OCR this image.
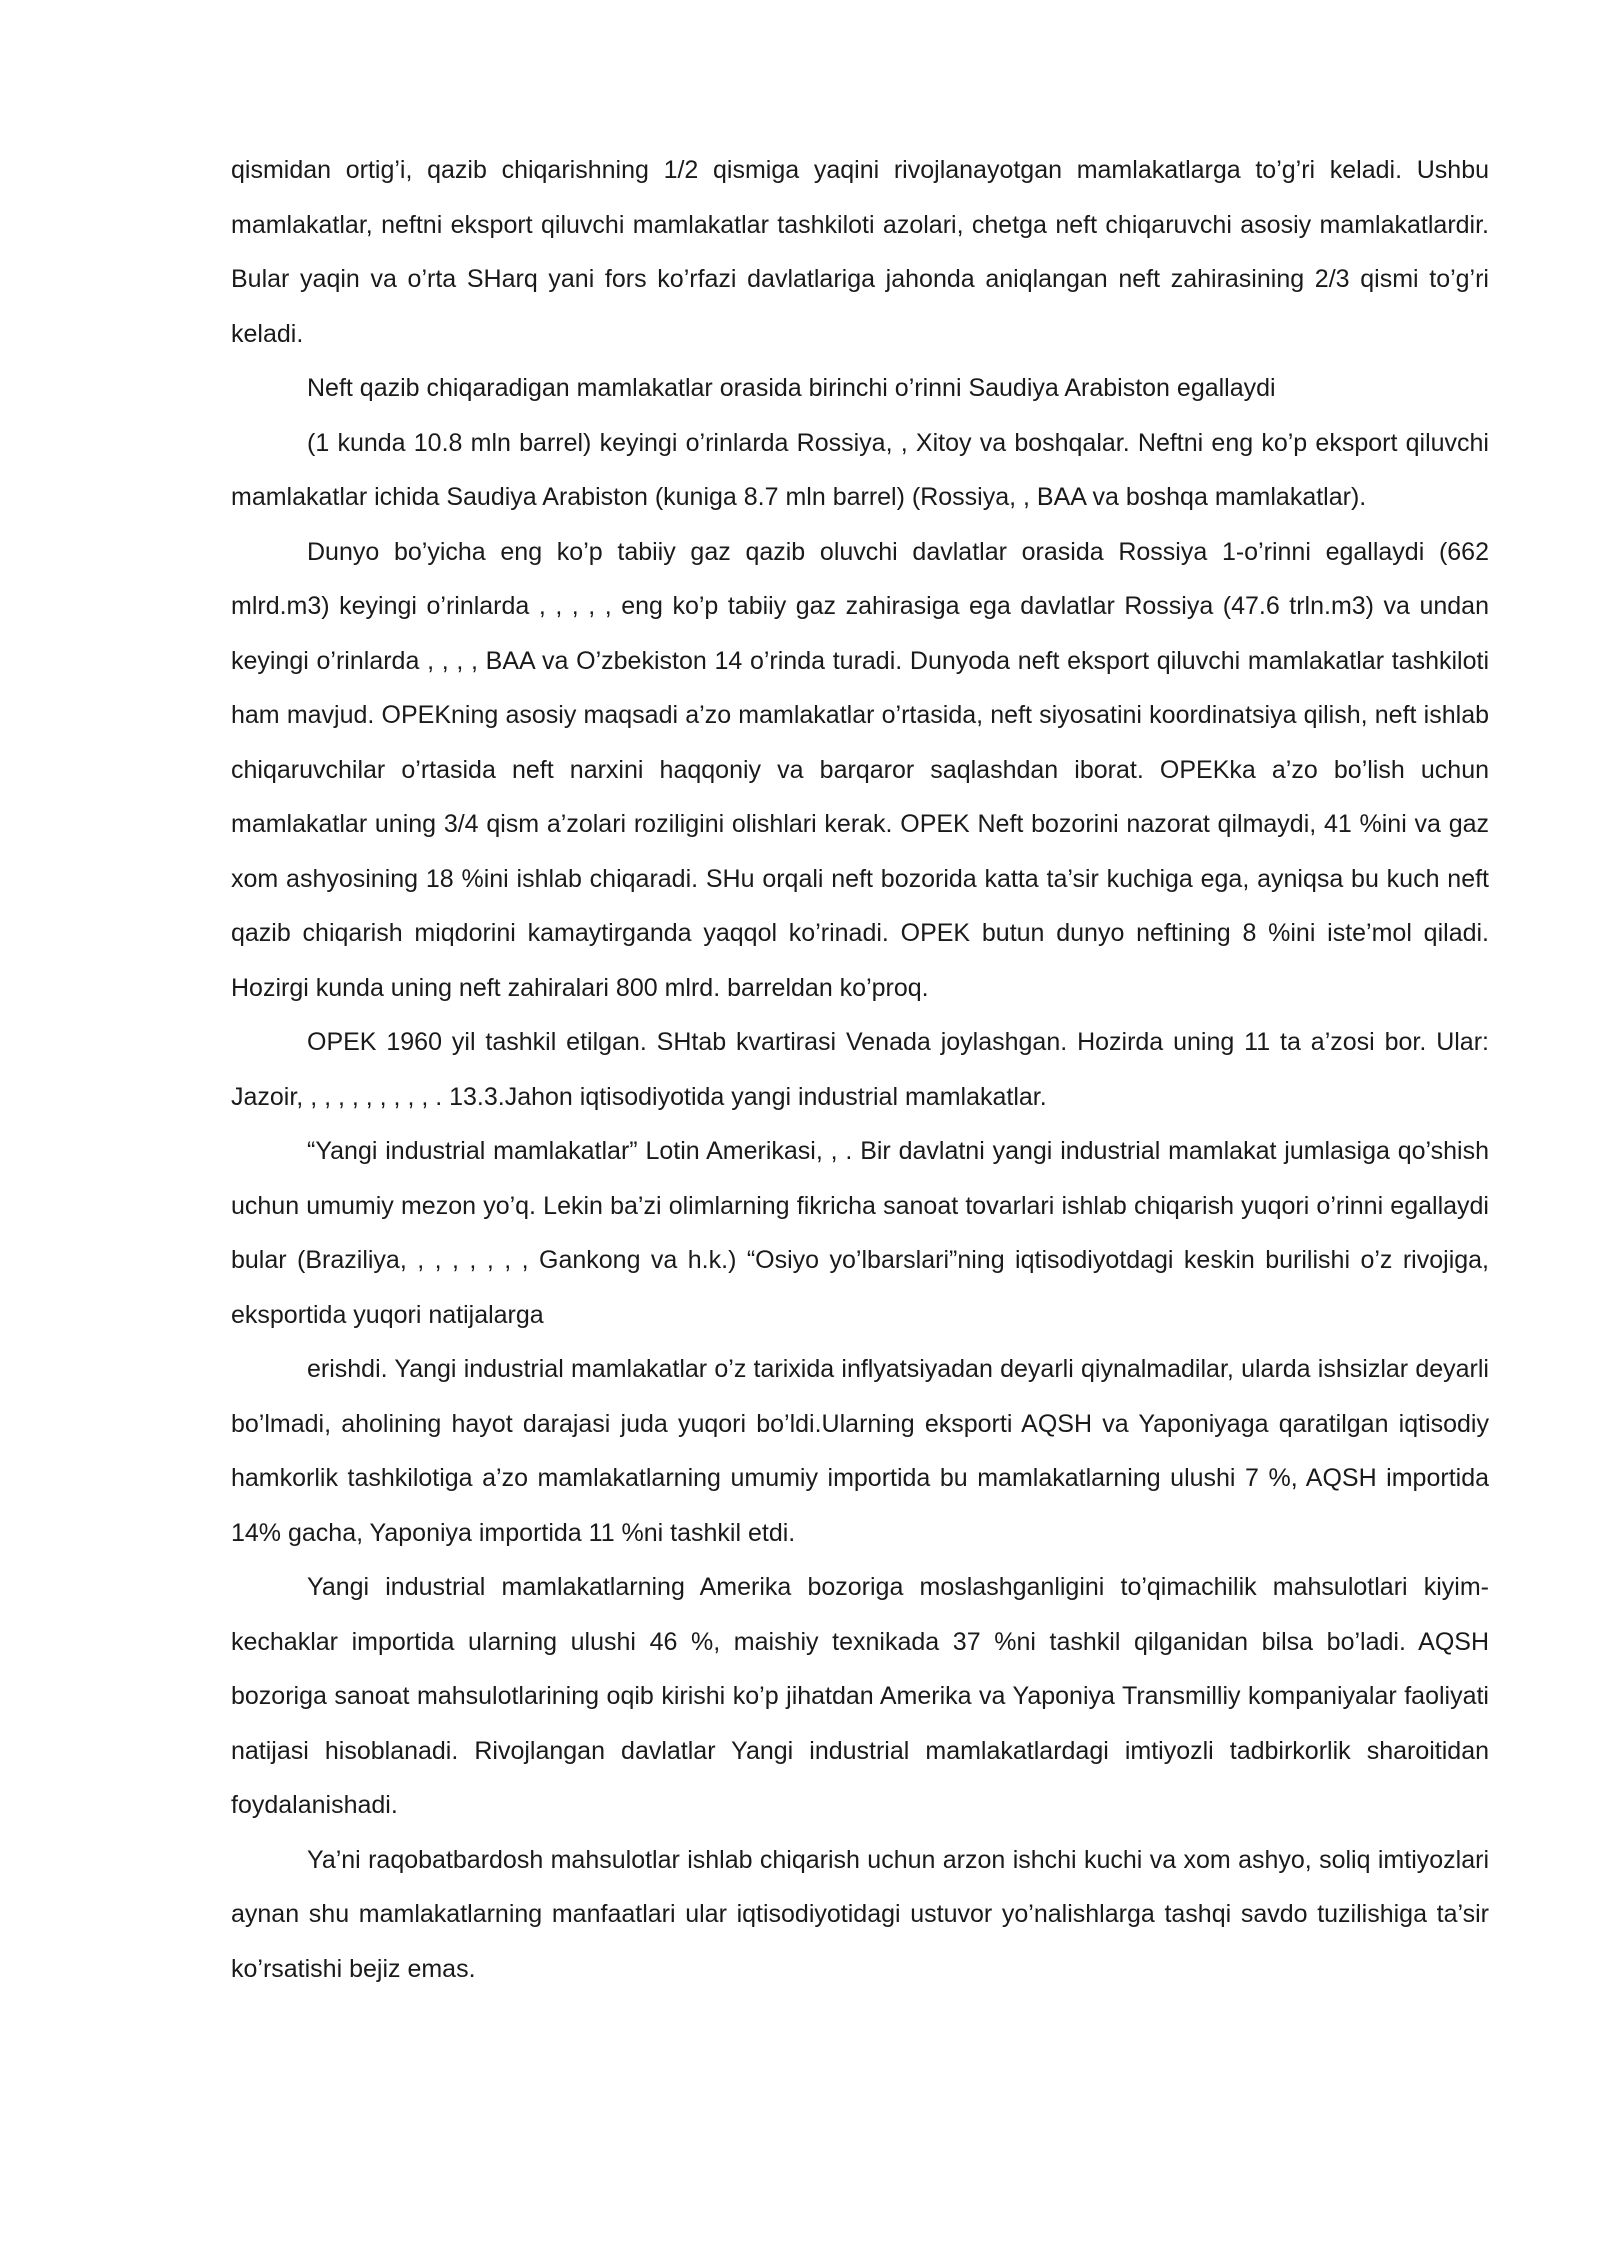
qismidan ortig’i, qazib chiqarishning 1/2 qismiga yaqini rivojlanayotgan mamlakatlarga to’g’ri keladi. Ushbu mamlakatlar, neftni eksport qiluvchi mamlakatlar tashkiloti azolari, chetga neft chiqaruvchi asosiy mamlakatlardir. Bular yaqin va o’rta SHarq yani fors ko’rfazi davlatlariga jahonda aniqlangan neft zahirasining 2/3 qismi to’g’ri keladi.

Neft qazib chiqaradigan mamlakatlar orasida birinchi o’rinni Saudiya Arabiston egallaydi

(1 kunda 10.8 mln barrel) keyingi o’rinlarda Rossiya, , Xitoy va boshqalar. Neftni eng ko’p eksport qiluvchi mamlakatlar ichida Saudiya Arabiston (kuniga 8.7 mln barrel) (Rossiya, , BAA va boshqa mamlakatlar).

Dunyo bo’yicha eng ko’p tabiiy gaz qazib oluvchi davlatlar orasida Rossiya 1-o’rinni egallaydi (662 mlrd.m3) keyingi o’rinlarda , , , , , eng ko’p tabiiy gaz zahirasiga ega davlatlar Rossiya (47.6 trln.m3) va undan keyingi o’rinlarda , , , , BAA va O’zbekiston 14 o’rinda turadi. Dunyoda neft eksport qiluvchi mamlakatlar tashkiloti ham mavjud. OPEKning asosiy maqsadi a’zo mamlakatlar o’rtasida, neft siyosatini koordinatsiya qilish, neft ishlab chiqaruvchilar o’rtasida neft narxini haqqoniy va barqaror saqlashdan iborat. OPEKka a’zo bo’lish uchun mamlakatlar uning 3/4 qism a’zolari roziligini olishlari kerak. OPEK Neft bozorini nazorat qilmaydi, 41 %ini va gaz xom ashyosining 18 %ini ishlab chiqaradi. SHu orqali neft bozorida katta ta’sir kuchiga ega, ayniqsa bu kuch neft qazib chiqarish miqdorini kamaytirganda yaqqol ko’rinadi. OPEK butun dunyo neftining 8 %ini iste’mol qiladi. Hozirgi kunda uning neft zahiralari 800 mlrd. barreldan ko’proq.

OPEK 1960 yil tashkil etilgan. SHtab kvartirasi Venada joylashgan. Hozirda uning 11 ta a’zosi bor. Ular: Jazoir, , , , , , , , , , . 13.3.Jahon iqtisodiyotida yangi industrial mamlakatlar.

“Yangi industrial mamlakatlar” Lotin Amerikasi, , . Bir davlatni yangi industrial mamlakat jumlasiga qo’shish uchun umumiy mezon yo’q. Lekin ba’zi olimlarning fikricha sanoat tovarlari ishlab chiqarish yuqori o’rinni egallaydi bular (Braziliya, , , , , , , , Gankong va h.k.) “Osiyo yo’lbarslari”ning iqtisodiyotdagi keskin burilishi o’z rivojiga, eksportida yuqori natijalarga

erishdi. Yangi industrial mamlakatlar o’z tarixida inflyatsiyadan deyarli qiynalmadilar, ularda ishsizlar deyarli bo’lmadi, aholining hayot darajasi juda yuqori bo’ldi.Ularning eksporti AQSH va Yaponiyaga qaratilgan iqtisodiy hamkorlik tashkilotiga a’zo mamlakatlarning umumiy importida bu mamlakatlarning ulushi 7 %, AQSH importida 14% gacha, Yaponiya importida 11 %ni tashkil etdi.

Yangi industrial mamlakatlarning Amerika bozoriga moslashganligini to’qimachilik mahsulotlari kiyim-kechaklar importida ularning ulushi 46 %, maishiy texnikada 37 %ni tashkil qilganidan bilsa bo’ladi. AQSH bozoriga sanoat mahsulotlarining oqib kirishi ko’p jihatdan Amerika va Yaponiya Transmilliy kompaniyalar faoliyati natijasi hisoblanadi. Rivojlangan davlatlar Yangi industrial mamlakatlardagi imtiyozli tadbirkorlik sharoitidan foydalanishadi.

Ya’ni raqobatbardosh mahsulotlar ishlab chiqarish uchun arzon ishchi kuchi va xom ashyo, soliq imtiyozlari aynan shu mamlakatlarning manfaatlari ular iqtisodiyotidagi ustuvor yo’nalishlarga tashqi savdo tuzilishiga ta’sir ko’rsatishi bejiz emas.
